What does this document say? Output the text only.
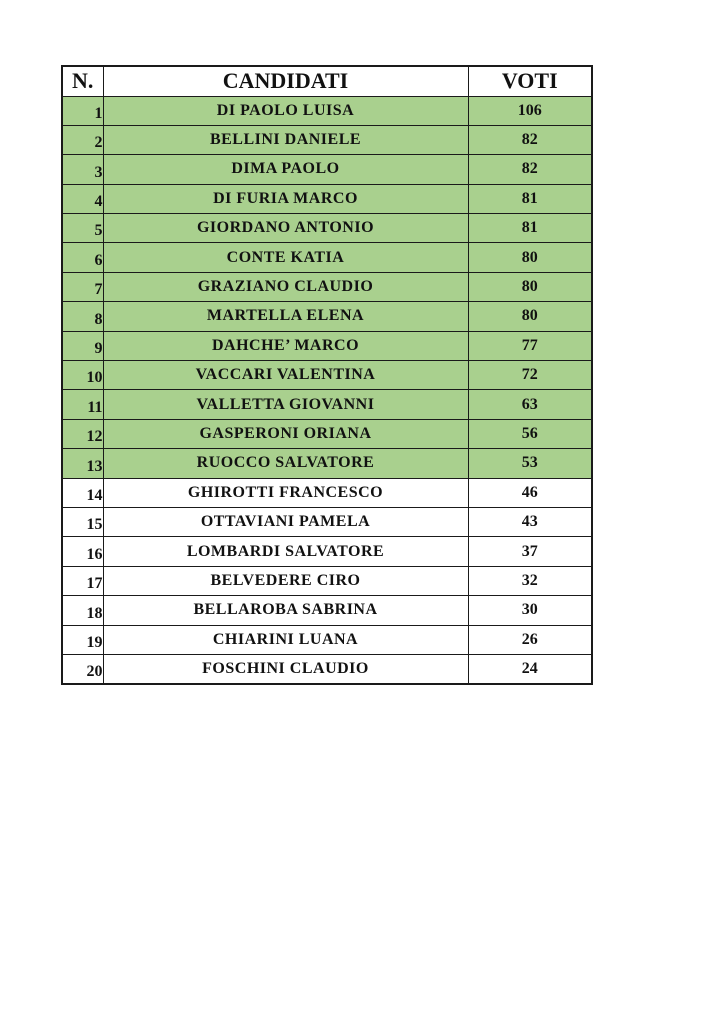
N.	CANDIDATI	VOTI
1	DI PAOLO LUISA	106
2	BELLINI DANIELE	82
3	DIMA PAOLO	82
4	DI FURIA MARCO	81
5	GIORDANO ANTONIO	81
6	CONTE KATIA	80
7	GRAZIANO CLAUDIO	80
8	MARTELLA ELENA	80
9	DAHCHE’ MARCO	77
10	VACCARI VALENTINA	72
11	VALLETTA GIOVANNI	63
12	GASPERONI ORIANA	56
13	RUOCCO SALVATORE	53
14	GHIROTTI FRANCESCO	46
15	OTTAVIANI PAMELA	43
16	LOMBARDI SALVATORE	37
17	BELVEDERE CIRO	32
18	BELLAROBA SABRINA	30
19	CHIARINI LUANA	26
20	FOSCHINI CLAUDIO	24
